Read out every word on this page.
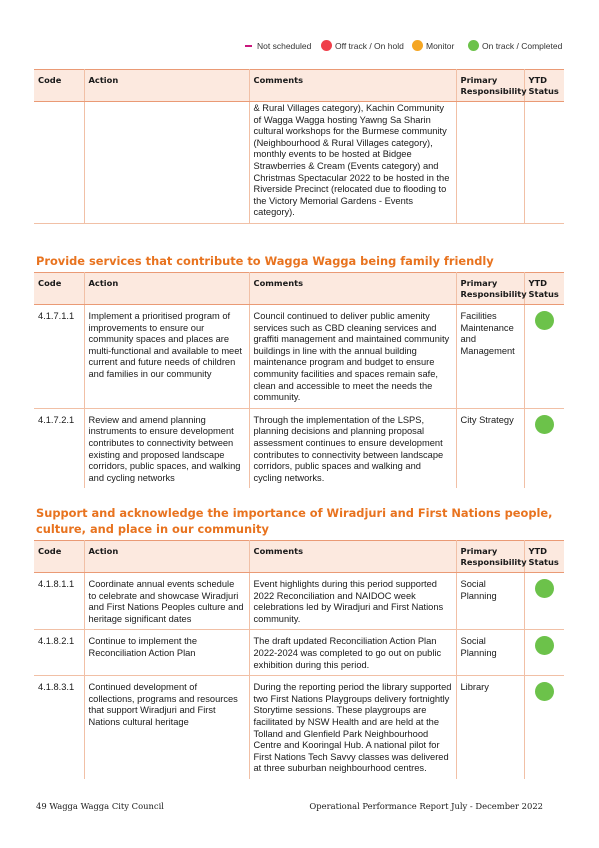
Not scheduled	Off track / On hold	Monitor	On track / Completed
Code	Action	Comments	Primary Responsibility	YTD Status
		& Rural Villages category), Kachin Community of Wagga Wagga hosting Yawng Sa Sharin cultural workshops for the Burmese community (Neighbourhood & Rural Villages category), monthly events to be hosted at Bidgee Strawberries & Cream (Events category) and Christmas Spectacular 2022 to be hosted in the Riverside Precinct (relocated due to flooding to the Victory Memorial Gardens - Events category).		
Provide services that contribute to Wagga Wagga being family friendly
Code	Action	Comments	Primary Responsibility	YTD Status
4.1.7.1.1	Implement a prioritised program of improvements to ensure our community spaces and places are multi-functional and available to meet current and future needs of children and families in our community	Council continued to deliver public amenity services such as CBD cleaning services and graffiti management and maintained community buildings in line with the annual building maintenance program and budget to ensure community facilities and spaces remain safe, clean and accessible to meet the needs the community.	Facilities Maintenance and Management	
4.1.7.2.1	Review and amend planning instruments to ensure development contributes to connectivity between existing and proposed landscape corridors, public spaces, and walking and cycling networks	Through the implementation of the LSPS, planning decisions and planning proposal assessment continues to ensure development contributes to connectivity between landscape corridors, public spaces and walking and cycling networks.	City Strategy	
Support and acknowledge the importance of Wiradjuri and First Nations people, culture, and place in our community
Code	Action	Comments	Primary Responsibility	YTD Status
4.1.8.1.1	Coordinate annual events schedule to celebrate and showcase Wiradjuri and First Nations Peoples culture and heritage significant dates	Event highlights during this period supported 2022 Reconciliation and NAIDOC week celebrations led by Wiradjuri and First Nations community.	Social Planning	
4.1.8.2.1	Continue to implement the Reconciliation Action Plan	The draft updated Reconciliation Action Plan 2022-2024 was completed to go out on public exhibition during this period.	Social Planning	
4.1.8.3.1	Continued development of collections, programs and resources that support Wiradjuri and First Nations cultural heritage	During the reporting period the library supported two First Nations Playgroups delivery fortnightly Storytime sessions. These playgroups are facilitated by NSW Health and are held at the Tolland and Glenfield Park Neighbourhood Centre and Kooringal Hub. A national pilot for First Nations Tech Savvy classes was delivered at three suburban neighbourhood centres.	Library	
49 Wagga Wagga City Council	Operational Performance Report July - December 2022
